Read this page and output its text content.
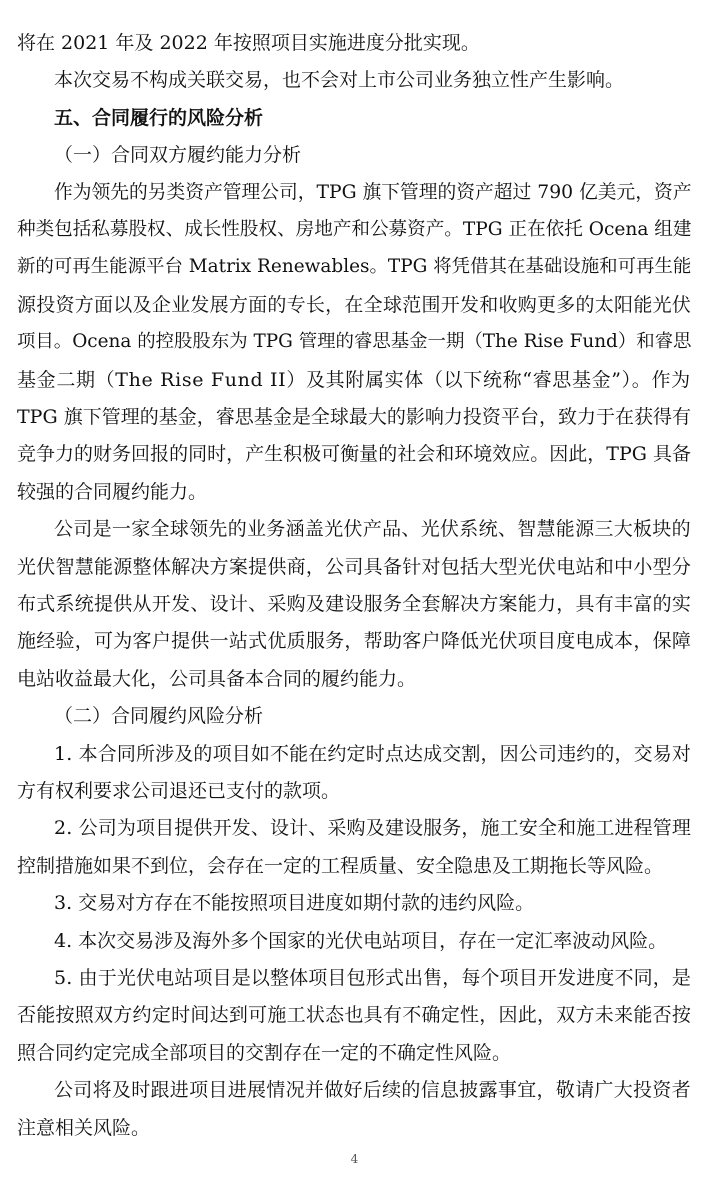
将在 2021 年及 2022 年按照项目实施进度分批实现。
本次交易不构成关联交易，也不会对上市公司业务独立性产生影响。
五、合同履行的风险分析
（一）合同双方履约能力分析
作为领先的另类资产管理公司，TPG 旗下管理的资产超过 790 亿美元，资产
种类包括私募股权、成长性股权、房地产和公募资产。TPG 正在依托 Ocena 组建
新的可再生能源平台 Matrix Renewables。TPG 将凭借其在基础设施和可再生能
源投资方面以及企业发展方面的专长，在全球范围开发和收购更多的太阳能光伏
项目。Ocena 的控股股东为 TPG 管理的睿思基金一期（The Rise Fund）和睿思
基金二期（The Rise Fund II）及其附属实体（以下统称“睿思基金”）。作为
TPG 旗下管理的基金，睿思基金是全球最大的影响力投资平台，致力于在获得有
竞争力的财务回报的同时，产生积极可衡量的社会和环境效应。因此，TPG 具备
较强的合同履约能力。
公司是一家全球领先的业务涵盖光伏产品、光伏系统、智慧能源三大板块的
光伏智慧能源整体解决方案提供商，公司具备针对包括大型光伏电站和中小型分
布式系统提供从开发、设计、采购及建设服务全套解决方案能力，具有丰富的实
施经验，可为客户提供一站式优质服务，帮助客户降低光伏项目度电成本，保障
电站收益最大化，公司具备本合同的履约能力。
（二）合同履约风险分析
1. 本合同所涉及的项目如不能在约定时点达成交割，因公司违约的，交易对
方有权利要求公司退还已支付的款项。
2. 公司为项目提供开发、设计、采购及建设服务，施工安全和施工进程管理
控制措施如果不到位，会存在一定的工程质量、安全隐患及工期拖长等风险。
3. 交易对方存在不能按照项目进度如期付款的违约风险。
4. 本次交易涉及海外多个国家的光伏电站项目，存在一定汇率波动风险。
5. 由于光伏电站项目是以整体项目包形式出售，每个项目开发进度不同，是
否能按照双方约定时间达到可施工状态也具有不确定性，因此，双方未来能否按
照合同约定完成全部项目的交割存在一定的不确定性风险。
公司将及时跟进项目进展情况并做好后续的信息披露事宜，敬请广大投资者
注意相关风险。
4
